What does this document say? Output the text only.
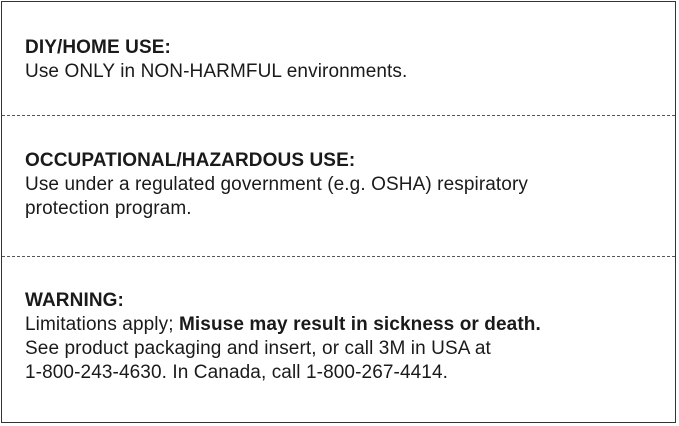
DIY/HOME USE:

Use ONLY in NON-HARMFUL environments.

OCCUPATIONAL/HAZARDOUS USE:

Use under a regulated government (e.g. OSHA) respiratory

protection program.

WARNING:

Limitations apply; Misuse may result in sickness or death.

See product packaging and insert, or call 3M in USA at

1-800-243-4630. In Canada, call 1-800-267-4414.
